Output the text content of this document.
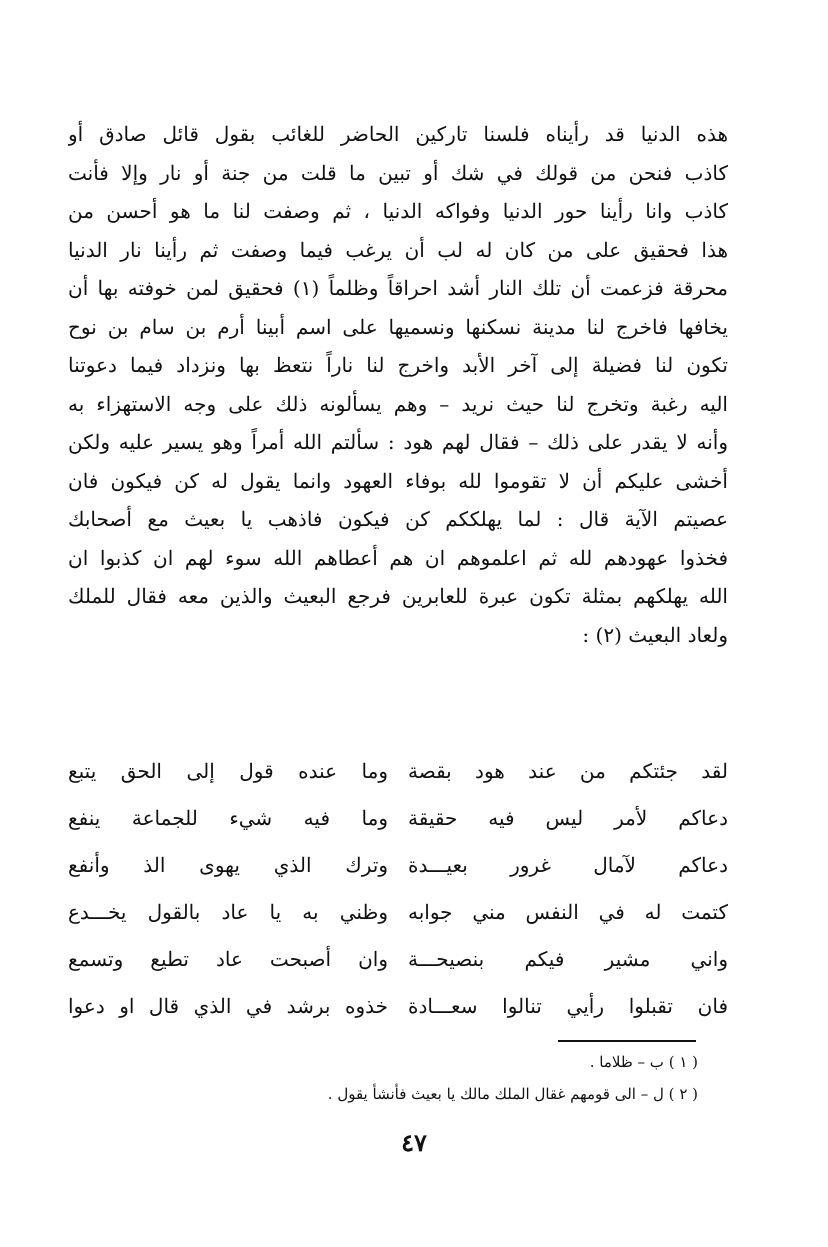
هذه الدنيا قد رأيناه فلسنا تاركين الحاضر للغائب بقول قائل صادق أو
كاذب فنحن من قولك في شك أو تبين ما قلت من جنة أو نار وإلا فأنت
كاذب وانا رأينا حور الدنيا وفواكه الدنيا ، ثم وصفت لنا ما هو أحسن من
هذا فحقيق على من كان له لب أن يرغب فيما وصفت ثم رأينا نار الدنيا
محرقة فزعمت أن تلك النار أشد احراقاً وظلماً (١) فحقيق لمن خوفته بها أن
يخافها فاخرج لنا مدينة نسكنها ونسميها على اسم أبينا أرم بن سام بن نوح
تكون لنا فضيلة إلى آخر الأبد واخرج لنا ناراً نتعظ بها ونزداد فيما دعوتنا
اليه رغبة وتخرج لنا حيث نريد – وهم يسألونه ذلك على وجه الاستهزاء به
وأنه لا يقدر على ذلك – فقال لهم هود : سألتم الله أمراً وهو يسير عليه ولكن
أخشى عليكم أن لا تقوموا لله بوفاء العهود وانما يقول له كن فيكون فان
عصيتم الآية قال : لما يهلككم كن فيكون فاذهب يا بعيث مع أصحابك
فخذوا عهودهم لله ثم اعلموهم ان هم أعطاهم الله سوء لهم ان كذبوا ان
الله يهلكهم بمثلة تكون عبرة للعابرين فرجع البعيث والذين معه فقال للملك
ولعاد البعيث (٢) :
لقد جئتكم من عند هود بقصة
وما عنده قول إلى الحق يتبع
دعاكم لأمر ليس فيه حقيقة
وما فيه شيء للجماعة ينفع
دعاكم لآمال غرور بعيـــدة
وترك الذي يهوى الذ وأنفع
كتمت له في النفس مني جوابه
وظني به يا عاد بالقول يخـــدع
واني مشير فيكم بنصيحـــة
وان أصبحت عاد تطيع وتسمع
فان تقبلوا رأيي تنالوا سعـــادة
خذوه برشد في الذي قال او دعوا
( ١ ) ب – ظلاما .
( ٢ ) ل – الى قومهم غقال الملك مالك يا بعيث فأنشأ يقول .
٤٧
